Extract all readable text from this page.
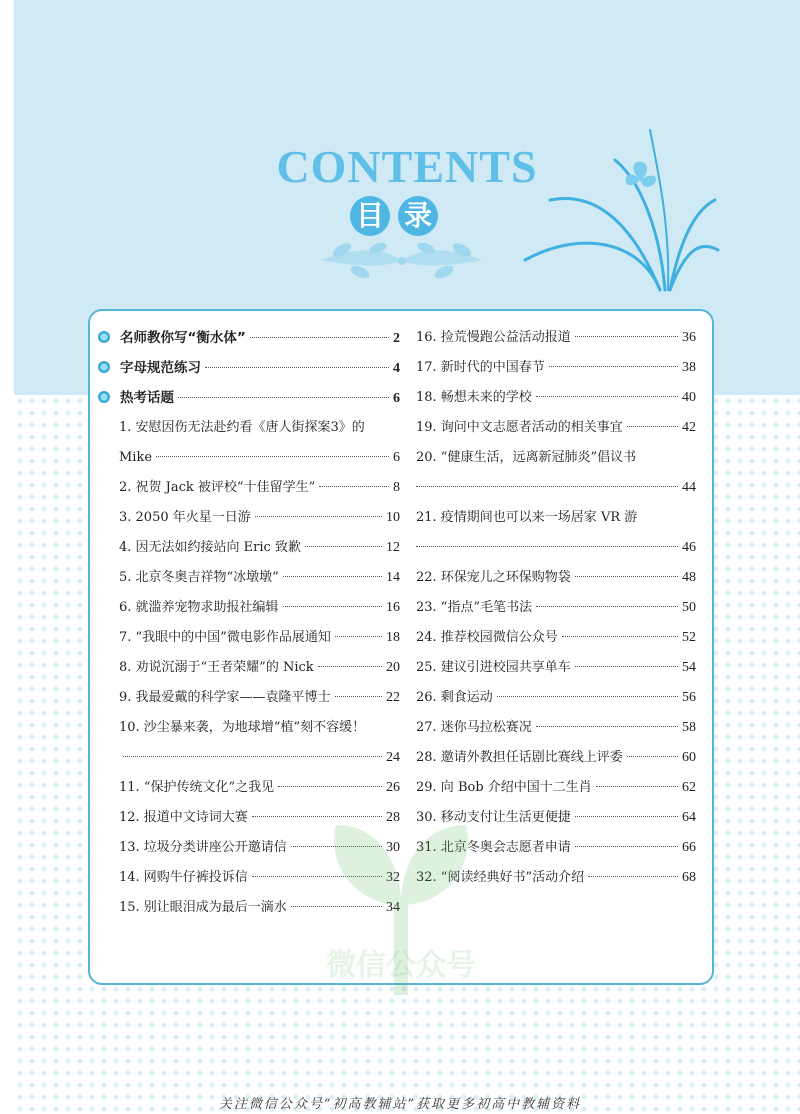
CONTENTS
目 录
名师教你写“衡水体”	2
字母规范练习	4
热考话题	6
1. 安慰因伤无法赴约看《唐人街探案3》的
Mike	6
2. 祝贺 Jack 被评校“十佳留学生”	8
3. 2050 年火星一日游	10
4. 因无法如约接站向 Eric 致歉	12
5. 北京冬奥吉祥物“冰墩墩”	14
6. 就滥养宠物求助报社编辑	16
7. “我眼中的中国”微电影作品展通知	18
8. 劝说沉溺于“王者荣耀”的 Nick	20
9. 我最爱戴的科学家——袁隆平博士	22
10. 沙尘暴来袭，为地球增“植”刻不容缓！
24
11. “保护传统文化”之我见	26
12. 报道中文诗词大赛	28
13. 垃圾分类讲座公开邀请信	30
14. 网购牛仔裤投诉信	32
15. 别让眼泪成为最后一滴水	34
16. 捡荒慢跑公益活动报道	36
17. 新时代的中国春节	38
18. 畅想未来的学校	40
19. 询问中文志愿者活动的相关事宜	42
20. “健康生活，远离新冠肺炎”倡议书
44
21. 疫情期间也可以来一场居家 VR 游
46
22. 环保宠儿之环保购物袋	48
23. “指点”毛笔书法	50
24. 推荐校园微信公众号	52
25. 建议引进校园共享单车	54
26. 剩食运动	56
27. 迷你马拉松赛况	58
28. 邀请外教担任话剧比赛线上评委	60
29. 向 Bob 介绍中国十二生肖	62
30. 移动支付让生活更便捷	64
31. 北京冬奥会志愿者申请	66
32. “阅读经典好书”活动介绍	68
微信公众号
关注微信公众号“初高教辅站”获取更多初高中教辅资料
